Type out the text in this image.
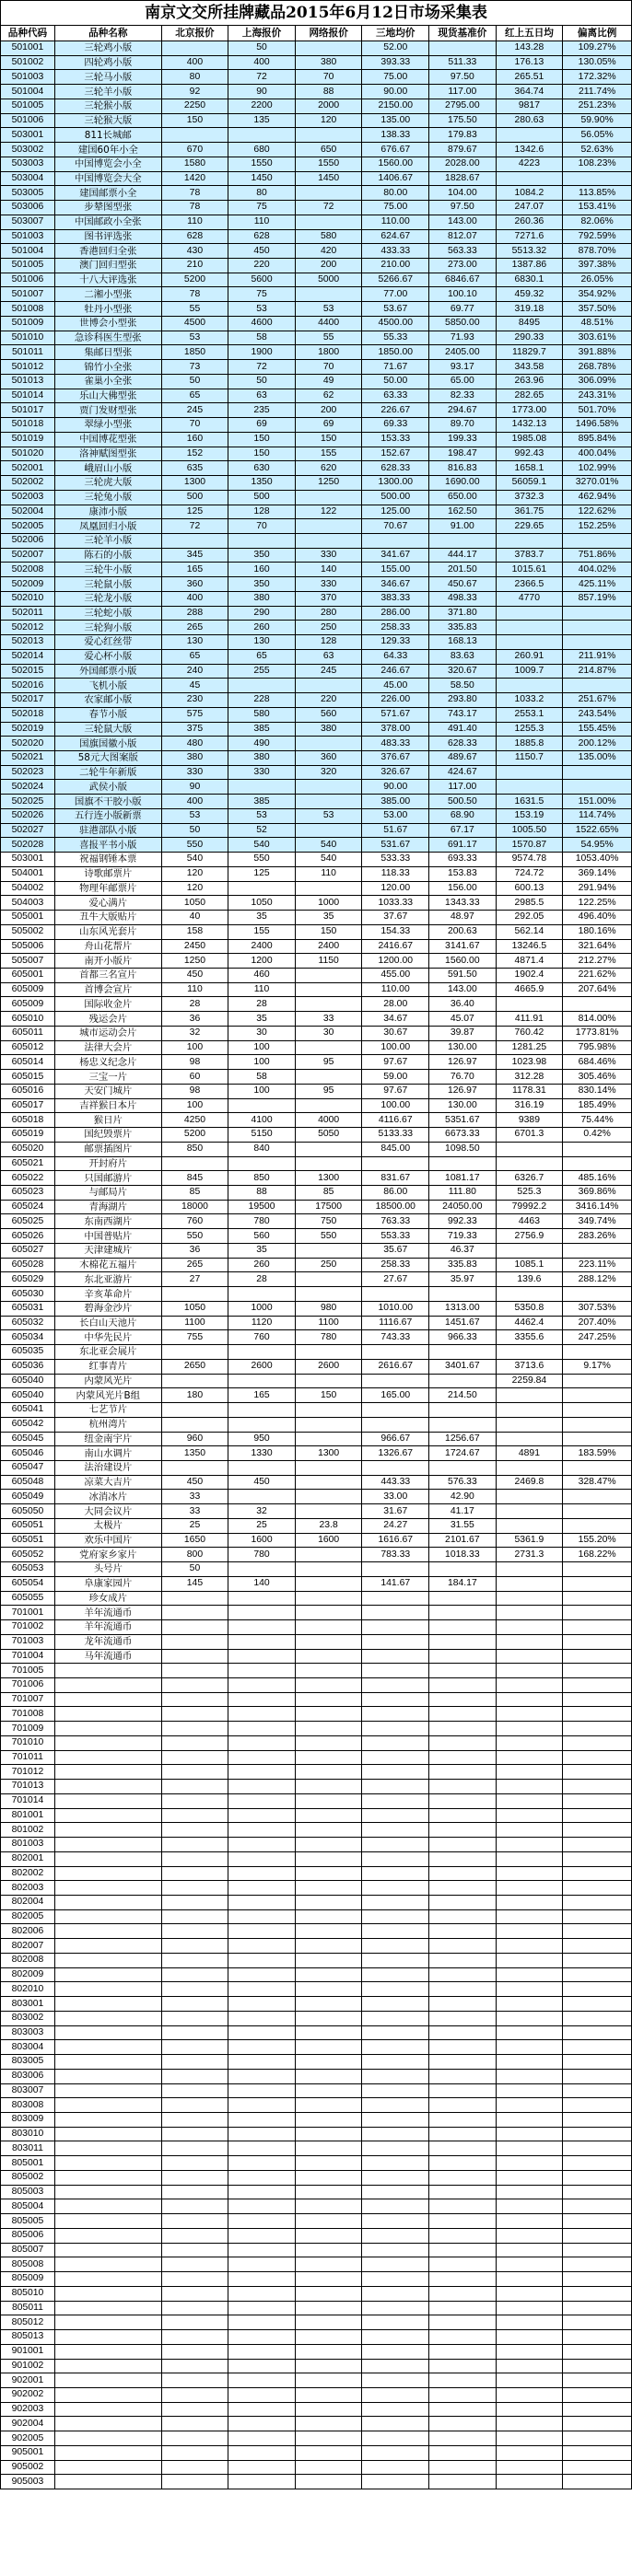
南京文交所挂牌藏品2015年6月12日市场采集表
品种代码	品种名称	北京报价	上海报价	网络报价	三地均价	现货基准价	红上五日均	偏离比例
501001	三轮鸡小版		50		52.00		143.28	109.27%
501002	四轮鸡小版	400	400	380	393.33	511.33	176.13	130.05%
501003	三轮马小版	80	72	70	75.00	97.50	265.51	172.32%
501004	三轮羊小版	92	90	88	90.00	117.00	364.74	211.74%
501005	三轮猴小版	2250	2200	2000	2150.00	2795.00	9817	251.23%
501006	三轮猴大版	150	135	120	135.00	175.50	280.63	59.90%
503001	811长城邮				138.33	179.83		56.05%
503002	建国60年小全	670	680	650	676.67	879.67	1342.6	52.63%
503003	中国博览会小全	1580	1550	1550	1560.00	2028.00	4223	108.23%
503004	中国博览会大全	1420	1450	1450	1406.67	1828.67		
503005	建国邮票小全	78	80		80.00	104.00	1084.2	113.85%
503006	步辇图型张	78	75	72	75.00	97.50	247.07	153.41%
503007	中国邮政小全张	110	110		110.00	143.00	260.36	82.06%
501003	图书评选张	628	628	580	624.67	812.07	7271.6	792.59%
501004	香港回归全张	430	450	420	433.33	563.33	5513.32	878.70%
501005	澳门回归型张	210	220	200	210.00	273.00	1387.86	397.38%
501006	十八大评选张	5200	5600	5000	5266.67	6846.67	6830.1	26.05%
501007	二湘小型张	78	75		77.00	100.10	459.32	354.92%
501008	牡丹小型张	55	53	53	53.67	69.77	319.18	357.50%
501009	世博会小型张	4500	4600	4400	4500.00	5850.00	8495	48.51%
501010	急诊科医生型张	53	58	55	55.33	71.93	290.33	303.61%
501011	集邮日型张	1850	1900	1800	1850.00	2405.00	11829.7	391.88%
501012	锦竹小全张	73	72	70	71.67	93.17	343.58	268.78%
501013	雀巢小全张	50	50	49	50.00	65.00	263.96	306.09%
501014	乐山大佛型张	65	63	62	63.33	82.33	282.65	243.31%
501017	贾门发财型张	245	235	200	226.67	294.67	1773.00	501.70%
501018	翠绿小型张	70	69	69	69.33	89.70	1432.13	1496.58%
501019	中国博花型张	160	150	150	153.33	199.33	1985.08	895.84%
501020	洛神赋图型张	152	150	155	152.67	198.47	992.43	400.04%
502001	峨眉山小版	635	630	620	628.33	816.83	1658.1	102.99%
502002	三轮虎大版	1300	1350	1250	1300.00	1690.00	56059.1	3270.01%
502003	三轮兔小版	500	500		500.00	650.00	3732.3	462.94%
502004	康沛小版	125	128	122	125.00	162.50	361.75	122.62%
502005	凤凰回归小版	72	70		70.67	91.00	229.65	152.25%
502006	三轮羊小版							
502007	陈石的小版	345	350	330	341.67	444.17	3783.7	751.86%
502008	三轮牛小版	165	160	140	155.00	201.50	1015.61	404.02%
502009	三轮鼠小版	360	350	330	346.67	450.67	2366.5	425.11%
502010	三轮龙小版	400	380	370	383.33	498.33	4770	857.19%
502011	三轮蛇小版	288	290	280	286.00	371.80		
502012	三轮狗小版	265	260	250	258.33	335.83		
502013	爱心红丝带	130	130	128	129.33	168.13		
502014	爱心杯小版	65	65	63	64.33	83.63	260.91	211.91%
502015	外国邮票小版	240	255	245	246.67	320.67	1009.7	214.87%
502016	飞机小版	45			45.00	58.50		
502017	农家邮小版	230	228	220	226.00	293.80	1033.2	251.67%
502018	春节小版	575	580	560	571.67	743.17	2553.1	243.54%
502019	三轮鼠大版	375	385	380	378.00	491.40	1255.3	155.45%
502020	国旗国徽小版	480	490		483.33	628.33	1885.8	200.12%
502021	58元大图案版	380	380	360	376.67	489.67	1150.7	135.00%
502023	二轮牛年新版	330	330	320	326.67	424.67		
502024	武侯小版	90			90.00	117.00		
502025	国旗不干胶小版	400	385		385.00	500.50	1631.5	151.00%
502026	五行连小版新票	53	53	53	53.00	68.90	153.19	114.74%
502027	驻港部队小版	50	52		51.67	67.17	1005.50	1522.65%
502028	喜报平书小版	550	540	540	531.67	691.17	1570.87	54.95%
503001	祝福钢锤本票	540	550	540	533.33	693.33	9574.78	1053.40%
504001	诗歌邮票片	120	125	110	118.33	153.83	724.72	369.14%
504002	物理年邮票片	120			120.00	156.00	600.13	291.94%
504003	爱心满片	1050	1050	1000	1033.33	1343.33	2985.5	122.25%
505001	丑牛大版贴片	40	35	35	37.67	48.97	292.05	496.40%
505002	山东风光套片	158	155	150	154.33	200.63	562.14	180.16%
505006	舟山花帮片	2450	2400	2400	2416.67	3141.67	13246.5	321.64%
505007	南开小版片	1250	1200	1150	1200.00	1560.00	4871.4	212.27%
605001	首都三名宣片	450	460		455.00	591.50	1902.4	221.62%
605009	首博会宣片	110	110		110.00	143.00	4665.9	207.64%
605009	国际收金片	28	28		28.00	36.40		
605010	残运会片	36	35	33	34.67	45.07	411.91	814.00%
605011	城市运动会片	32	30	30	30.67	39.87	760.42	1773.81%
605012	法律大会片	100	100		100.00	130.00	1281.25	795.98%
605014	杨忠义纪念片	98	100	95	97.67	126.97	1023.98	684.46%
605015	三宝一片	60	58		59.00	76.70	312.28	305.46%
605016	天安门城片	98	100	95	97.67	126.97	1178.31	830.14%
605017	吉祥猴日本片	100			100.00	130.00	316.19	185.49%
605018	猴日片	4250	4100	4000	4116.67	5351.67	9389	75.44%
605019	国纪毁票片	5200	5150	5050	5133.33	6673.33	6701.3	0.42%
605020	邮票插图片	850	840		845.00	1098.50		
605021	开封府片							
605022	只国邮游片	845	850	1300	831.67	1081.17	6326.7	485.16%
605023	与邮局片	85	88	85	86.00	111.80	525.3	369.86%
605024	青海湖片	18000	19500	17500	18500.00	24050.00	79992.2	3416.14%
605025	东南西湖片	760	780	750	763.33	992.33	4463	349.74%
605026	中国普贴片	550	560	550	553.33	719.33	2756.9	283.26%
605027	天津建城片	36	35		35.67	46.37		
605028	木棉花五福片	265	260	250	258.33	335.83	1085.1	223.11%
605029	东北亚游片	27	28		27.67	35.97	139.6	288.12%
605030	辛亥革命片							
605031	碧海金沙片	1050	1000	980	1010.00	1313.00	5350.8	307.53%
605032	长白山天池片	1100	1120	1100	1116.67	1451.67	4462.4	207.40%
605034	中华先民片	755	760	780	743.33	966.33	3355.6	247.25%
605035	东北亚会展片							
605036	红事青片	2650	2600	2600	2616.67	3401.67	3713.6	9.17%
605040	内蒙风光片						2259.84	
605040	内蒙风光片B组	180	165	150	165.00	214.50		
605041	七艺节片							
605042	杭州湾片							
605045	纽金南宇片	960	950		966.67	1256.67		
605046	南山水调片	1350	1330	1300	1326.67	1724.67	4891	183.59%
605047	法治建设片							
605048	凉菜大吉片	450	450		443.33	576.33	2469.8	328.47%
605049	冰消冰片	33			33.00	42.90		
605050	大同会议片	33	32		31.67	41.17		
605051	太极片	25	25	23.8	24.27	31.55		
605051	欢乐中国片	1650	1600	1600	1616.67	2101.67	5361.9	155.20%
605052	党府家乡家片	800	780		783.33	1018.33	2731.3	168.22%
605053	头号片	50						
605054	阜康家园片	145	140		141.67	184.17		
605055	珍女成片							
701001	羊年流通币							
701002	羊年流通币							
701003	龙年流通币							
701004	马年流通币							
701005								
701006								
701007								
701008								
701009								
701010								
701011								
701012								
701013								
701014								
801001								
801002								
801003								
802001								
802002								
802003								
802004								
802005								
802006								
802007								
802008								
802009								
802010								
803001								
803002								
803003								
803004								
803005								
803006								
803007								
803008								
803009								
803010								
803011								
805001								
805002								
805003								
805004								
805005								
805006								
805007								
805008								
805009								
805010								
805011								
805012								
805013								
901001								
901002								
902001								
902002								
902003								
902004								
902005								
905001								
905002								
905003								
